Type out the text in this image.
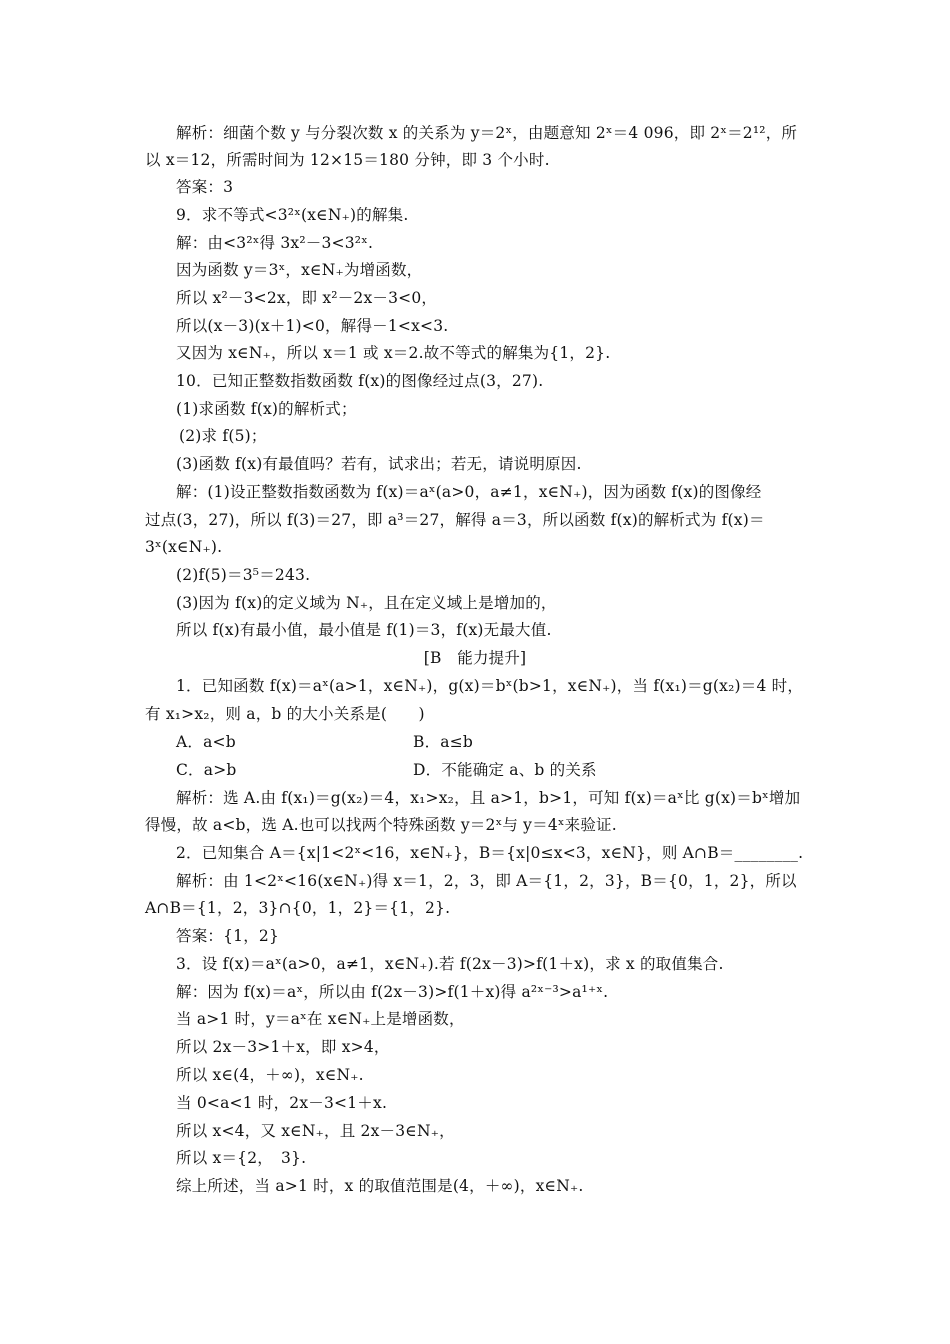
解析：细菌个数 y 与分裂次数 x 的关系为 y＝2ˣ，由题意知 2ˣ＝4 096，即 2ˣ＝2¹²，所

以 x＝12，所需时间为 12×15＝180 分钟，即 3 个小时.

答案：3

9．求不等式<3²ˣ(x∈N₊)的解集.

解：由<3²ˣ得 3x²－3<3²ˣ.

因为函数 y＝3ˣ，x∈N₊为增函数，

所以 x²－3<2x，即 x²－2x－3<0，

所以(x－3)(x＋1)<0，解得－1<x<3.

又因为 x∈N₊，所以 x＝1 或 x＝2.故不等式的解集为{1，2}.

10．已知正整数指数函数 f(x)的图像经过点(3，27).

(1)求函数 f(x)的解析式；

(2)求 f(5)；

(3)函数 f(x)有最值吗？若有，试求出；若无，请说明原因.

解：(1)设正整数指数函数为 f(x)＝aˣ(a>0，a≠1，x∈N₊)，因为函数 f(x)的图像经

过点(3，27)，所以 f(3)＝27，即 a³＝27，解得 a＝3，所以函数 f(x)的解析式为 f(x)＝

3ˣ(x∈N₊).

(2)f(5)＝3⁵＝243.

(3)因为 f(x)的定义域为 N₊，且在定义域上是增加的，

所以 f(x)有最小值，最小值是 f(1)＝3，f(x)无最大值.

[B　能力提升]

1．已知函数 f(x)＝aˣ(a>1，x∈N₊)，g(x)＝bˣ(b>1，x∈N₊)，当 f(x₁)＝g(x₂)＝4 时，

有 x₁>x₂，则 a，b 的大小关系是(　　)

A．a<b	B．a≤b

C．a>b	D．不能确定 a、b 的关系

解析：选 A.由 f(x₁)＝g(x₂)＝4，x₁>x₂，且 a>1，b>1，可知 f(x)＝aˣ比 g(x)＝bˣ增加

得慢，故 a<b，选 A.也可以找两个特殊函数 y＝2ˣ与 y＝4ˣ来验证.

2．已知集合 A＝{x|1<2ˣ<16，x∈N₊}，B＝{x|0≤x<3，x∈N}，则 A∩B＝________.

解析：由 1<2ˣ<16(x∈N₊)得 x＝1，2，3，即 A＝{1，2，3}，B＝{0，1，2}，所以

A∩B＝{1，2，3}∩{0，1，2}＝{1，2}.

答案：{1，2}

3．设 f(x)＝aˣ(a>0，a≠1，x∈N₊).若 f(2x－3)>f(1＋x)，求 x 的取值集合.

解：因为 f(x)＝aˣ，所以由 f(2x－3)>f(1＋x)得 a²ˣ⁻³>a¹⁺ˣ.

当 a>1 时，y＝aˣ在 x∈N₊上是增函数，

所以 2x－3>1＋x，即 x>4，

所以 x∈(4，＋∞)，x∈N₊.

当 0<a<1 时，2x－3<1＋x.

所以 x<4，又 x∈N₊，且 2x－3∈N₊，

所以 x＝{2，　3}.

综上所述，当 a>1 时，x 的取值范围是(4，＋∞)，x∈N₊.
